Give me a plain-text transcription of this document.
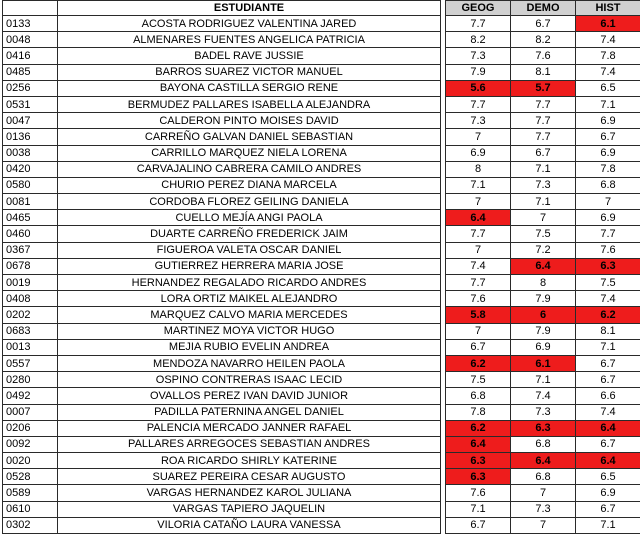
	ESTUDIANTE		GEOG	DEMO	HIST
0133	ACOSTA RODRIGUEZ VALENTINA JARED		7.7	6.7	6.1
0048	ALMENARES FUENTES ANGELICA PATRICIA		8.2	8.2	7.4
0416	BADEL RAVE JUSSIE		7.3	7.6	7.8
0485	BARROS SUAREZ VICTOR MANUEL		7.9	8.1	7.4
0256	BAYONA CASTILLA SERGIO RENE		5.6	5.7	6.5
0531	BERMUDEZ PALLARES ISABELLA ALEJANDRA		7.7	7.7	7.1
0047	CALDERON PINTO MOISES DAVID		7.3	7.7	6.9
0136	CARREÑO GALVAN DANIEL SEBASTIAN		7	7.7	6.7
0038	CARRILLO MARQUEZ NIELA LORENA		6.9	6.7	6.9
0420	CARVAJALINO CABRERA CAMILO ANDRES		8	7.1	7.8
0580	CHURIO PEREZ DIANA MARCELA		7.1	7.3	6.8
0081	CORDOBA FLOREZ GEILING DANIELA		7	7.1	7
0465	CUELLO MEJÍA ANGI PAOLA		6.4	7	6.9
0460	DUARTE CARREÑO FREDERICK JAIM		7.7	7.5	7.7
0367	FIGUEROA VALETA OSCAR DANIEL		7	7.2	7.6
0678	GUTIERREZ HERRERA MARIA JOSE		7.4	6.4	6.3
0019	HERNANDEZ REGALADO RICARDO ANDRES		7.7	8	7.5
0408	LORA ORTIZ MAIKEL ALEJANDRO		7.6	7.9	7.4
0202	MARQUEZ CALVO MARIA MERCEDES		5.8	6	6.2
0683	MARTINEZ MOYA VICTOR HUGO		7	7.9	8.1
0013	MEJIA RUBIO EVELIN ANDREA		6.7	6.9	7.1
0557	MENDOZA NAVARRO HEILEN PAOLA		6.2	6.1	6.7
0280	OSPINO CONTRERAS ISAAC LECID		7.5	7.1	6.7
0492	OVALLOS PEREZ IVAN DAVID JUNIOR		6.8	7.4	6.6
0007	PADILLA PATERNINA ANGEL DANIEL		7.8	7.3	7.4
0206	PALENCIA MERCADO JANNER RAFAEL		6.2	6.3	6.4
0092	PALLARES ARREGOCES SEBASTIAN ANDRES		6.4	6.8	6.7
0020	ROA RICARDO SHIRLY KATERINE		6.3	6.4	6.4
0528	SUAREZ PEREIRA CESAR AUGUSTO		6.3	6.8	6.5
0589	VARGAS HERNANDEZ KAROL JULIANA		7.6	7	6.9
0610	VARGAS TAPIERO JAQUELIN		7.1	7.3	6.7
0302	VILORIA CATAÑO LAURA VANESSA		6.7	7	7.1
